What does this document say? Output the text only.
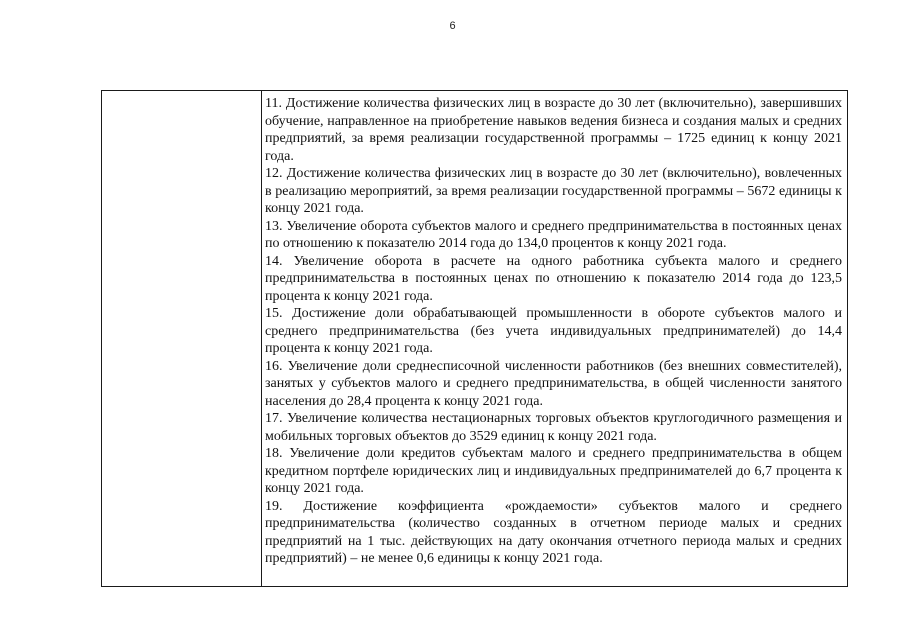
6

11. Достижение количества физических лиц в возрасте до 30 лет (включительно), завершивших обучение, направленное на приобретение навыков ведения бизнеса и создания малых и средних предприятий, за время реализации государственной программы – 1725 единиц к концу 2021 года.

12. Достижение количества физических лиц в возрасте до 30 лет (включительно), вовлеченных в реализацию мероприятий, за время реализации государственной программы – 5672 единицы к концу 2021 года.

13. Увеличение оборота субъектов малого и среднего предпринимательства в постоянных ценах по отношению к показателю 2014 года до 134,0 процентов к концу 2021 года.

14. Увеличение оборота в расчете на одного работника субъекта малого и среднего предпринимательства в постоянных ценах по отношению к показателю 2014 года до 123,5 процента к концу 2021 года.

15. Достижение доли обрабатывающей промышленности в обороте субъектов малого и среднего предпринимательства (без учета индивидуальных предпринимателей) до 14,4 процента к концу 2021 года.

16. Увеличение доли среднесписочной численности работников (без внешних совместителей), занятых у субъектов малого и среднего предпринимательства, в общей численности занятого населения до 28,4 процента к концу 2021 года.

17. Увеличение количества нестационарных торговых объектов круглогодичного размещения и мобильных торговых объектов до 3529 единиц к концу 2021 года.

18. Увеличение доли кредитов субъектам малого и среднего предпринимательства в общем кредитном портфеле юридических лиц и индивидуальных предпринимателей до 6,7 процента к концу 2021 года.

19. Достижение коэффициента «рождаемости» субъектов малого и среднего предпринимательства (количество созданных в отчетном периоде малых и средних предприятий на 1 тыс. действующих на дату окончания отчетного периода малых и средних предприятий) – не менее 0,6 единицы к концу 2021 года.
